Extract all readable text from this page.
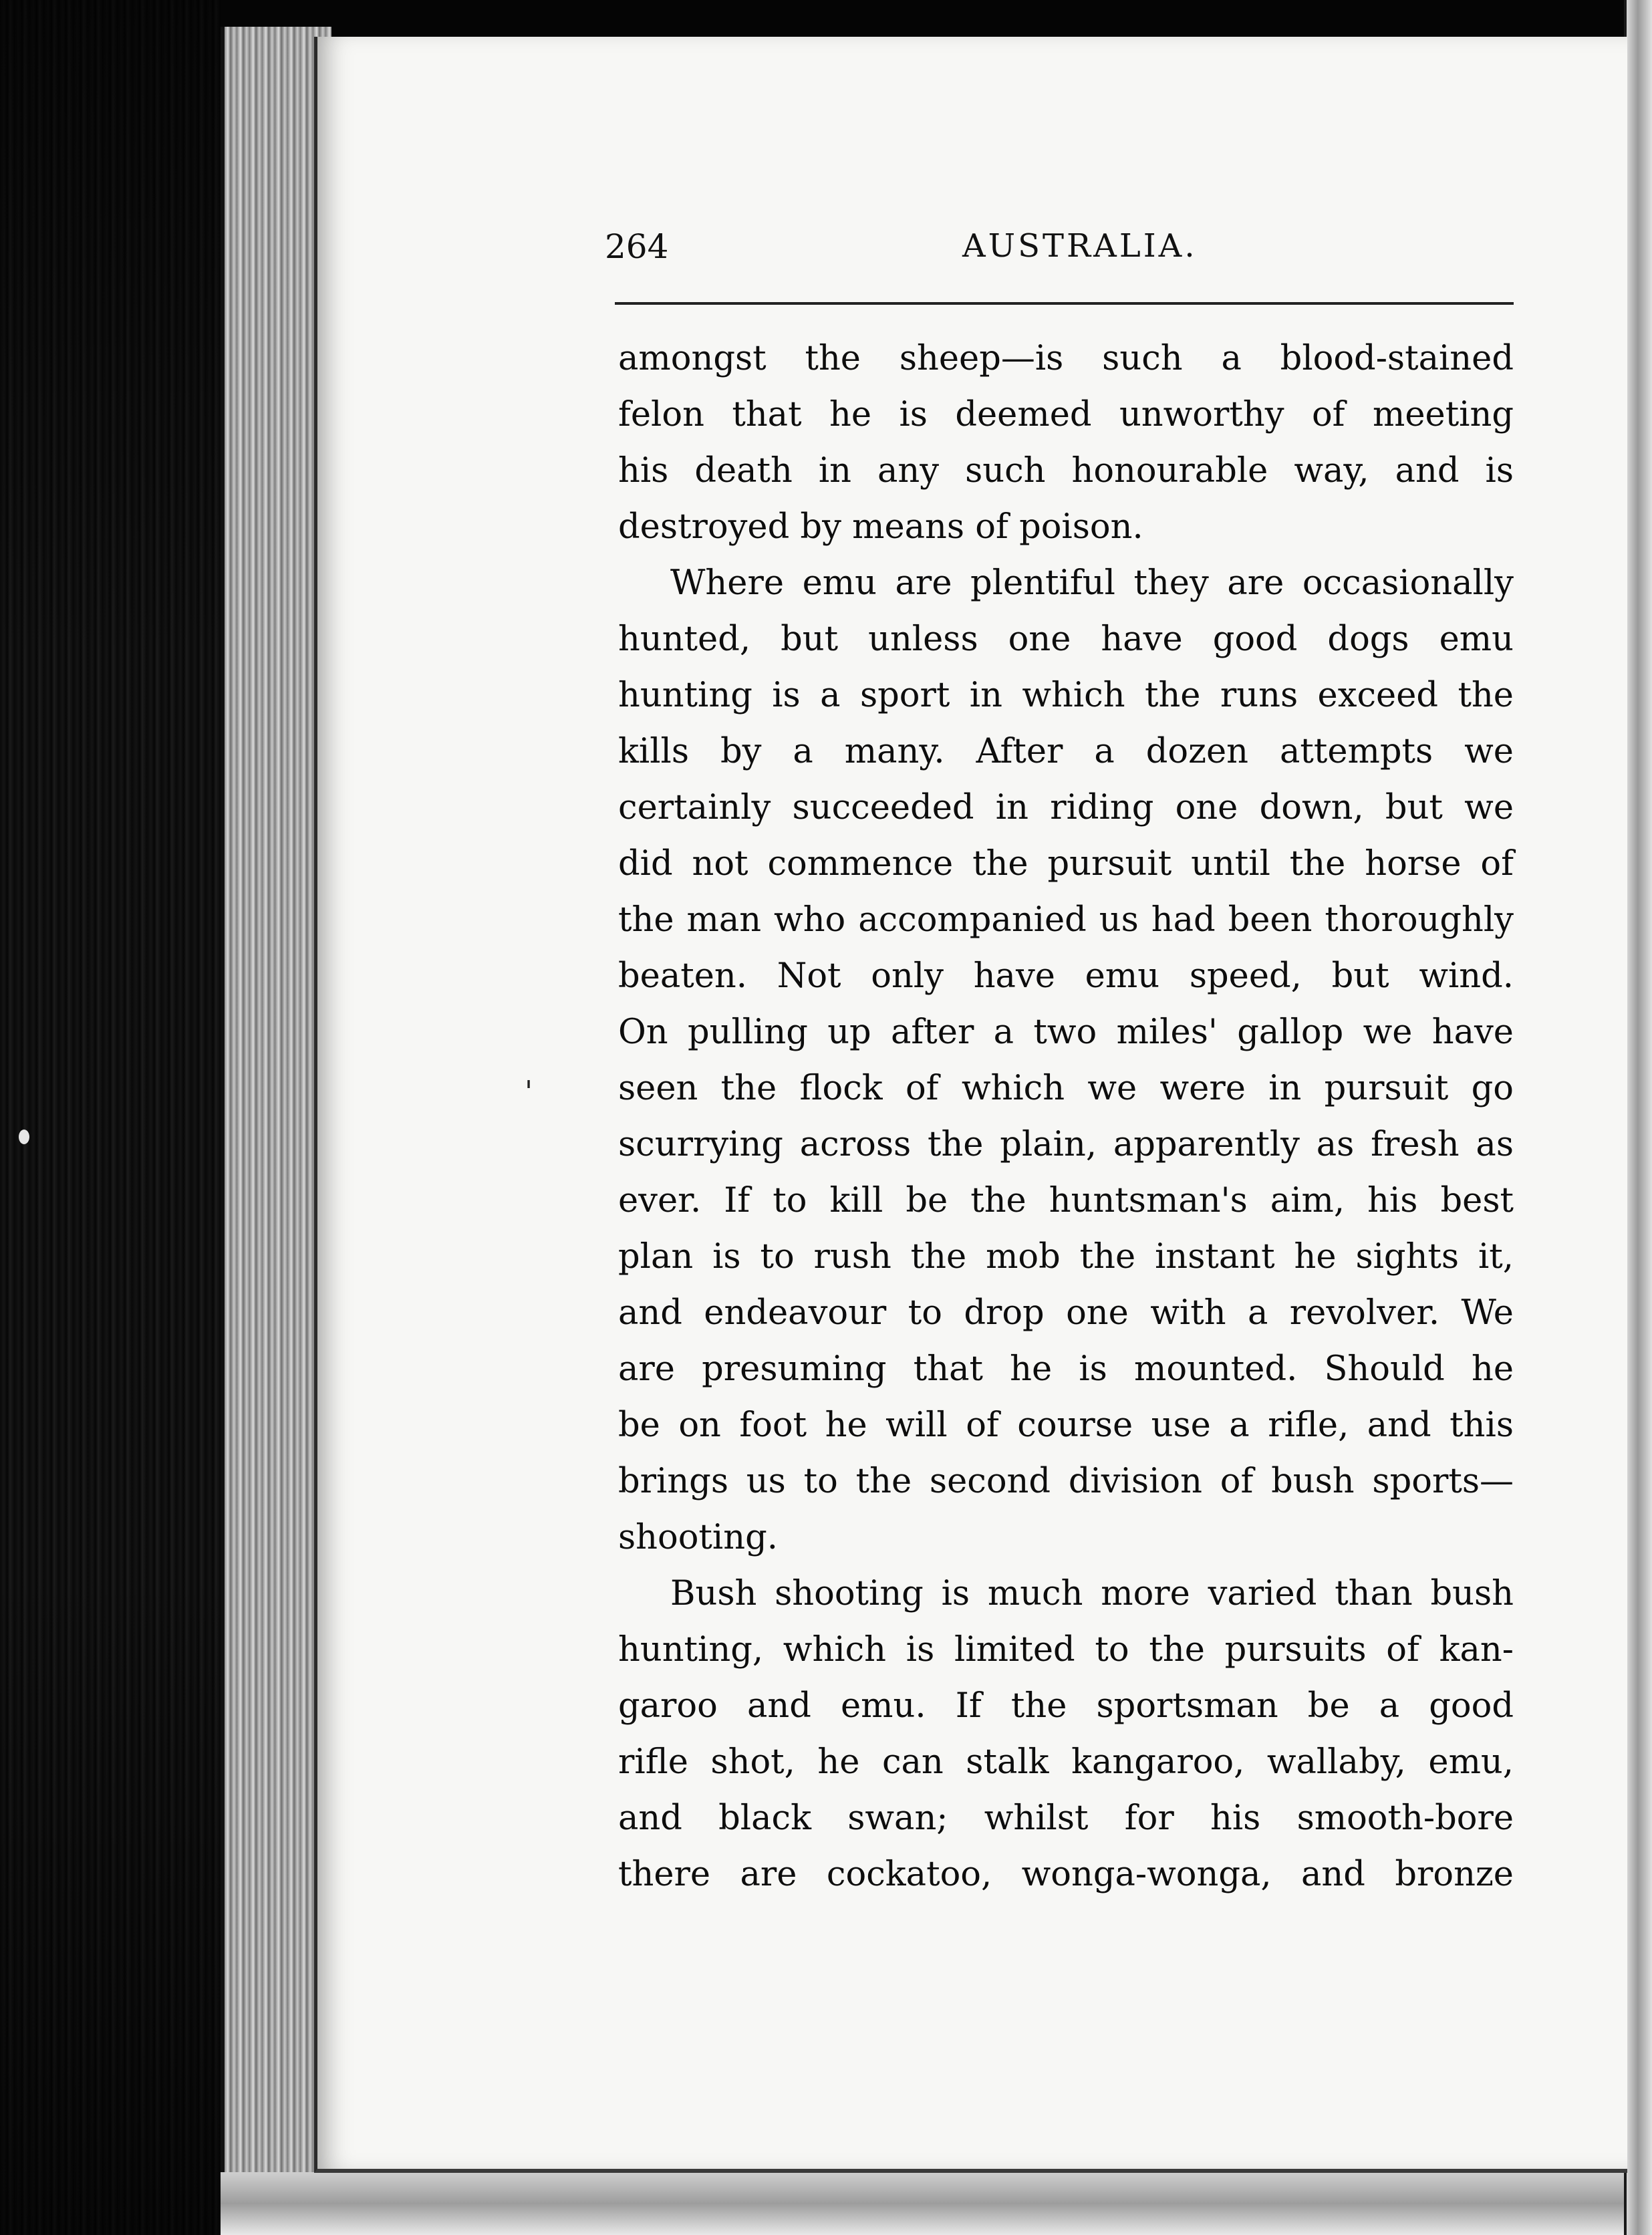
264	AUSTRALIA.
amongst the sheep—is such a blood-stained
felon that he is deemed unworthy of meeting
his death in any such honourable way, and is
destroyed by means of poison.
Where emu are plentiful they are occasionally
hunted, but unless one have good dogs emu
hunting is a sport in which the runs exceed the
kills by a many. After a dozen attempts we
certainly succeeded in riding one down, but we
did not commence the pursuit until the horse of
the man who accompanied us had been thoroughly
beaten. Not only have emu speed, but wind.
On pulling up after a two miles' gallop we have
seen the flock of which we were in pursuit go
scurrying across the plain, apparently as fresh as
ever. If to kill be the huntsman's aim, his best
plan is to rush the mob the instant he sights it,
and endeavour to drop one with a revolver. We
are presuming that he is mounted. Should he
be on foot he will of course use a rifle, and this
brings us to the second division of bush sports—
shooting.
Bush shooting is much more varied than bush
hunting, which is limited to the pursuits of kan-
garoo and emu. If the sportsman be a good
rifle shot, he can stalk kangaroo, wallaby, emu,
and black swan; whilst for his smooth-bore
there are cockatoo, wonga-wonga, and bronze
ꞌ
